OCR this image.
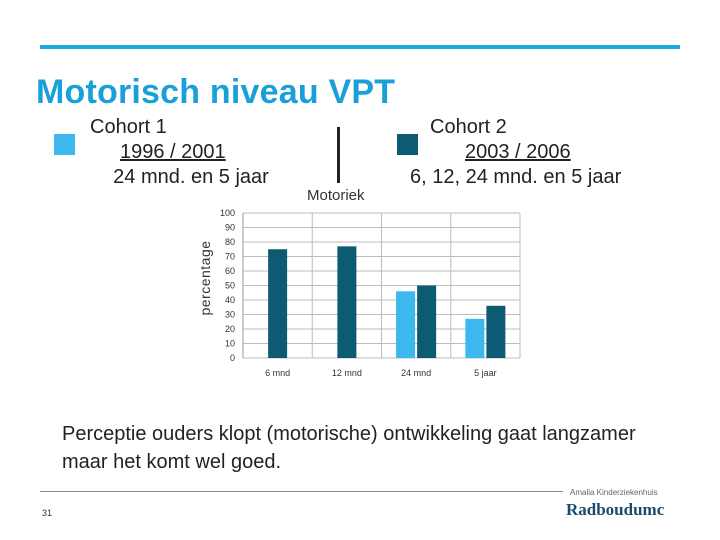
Motorisch niveau VPT
Cohort 1
1996 / 2001
24 mnd. en 5 jaar
Motoriek
Cohort 2
2003 / 2006
6, 12, 24 mnd. en 5 jaar
percentage
0
10
20
30
40
50
60
70
80
90
100
6 mnd	12 mnd	24 mnd	5 jaar
Perceptie ouders klopt (motorische) ontwikkeling gaat langzamer maar het komt wel goed.
Amalia Kinderziekenhuis
Radboudumc
31
